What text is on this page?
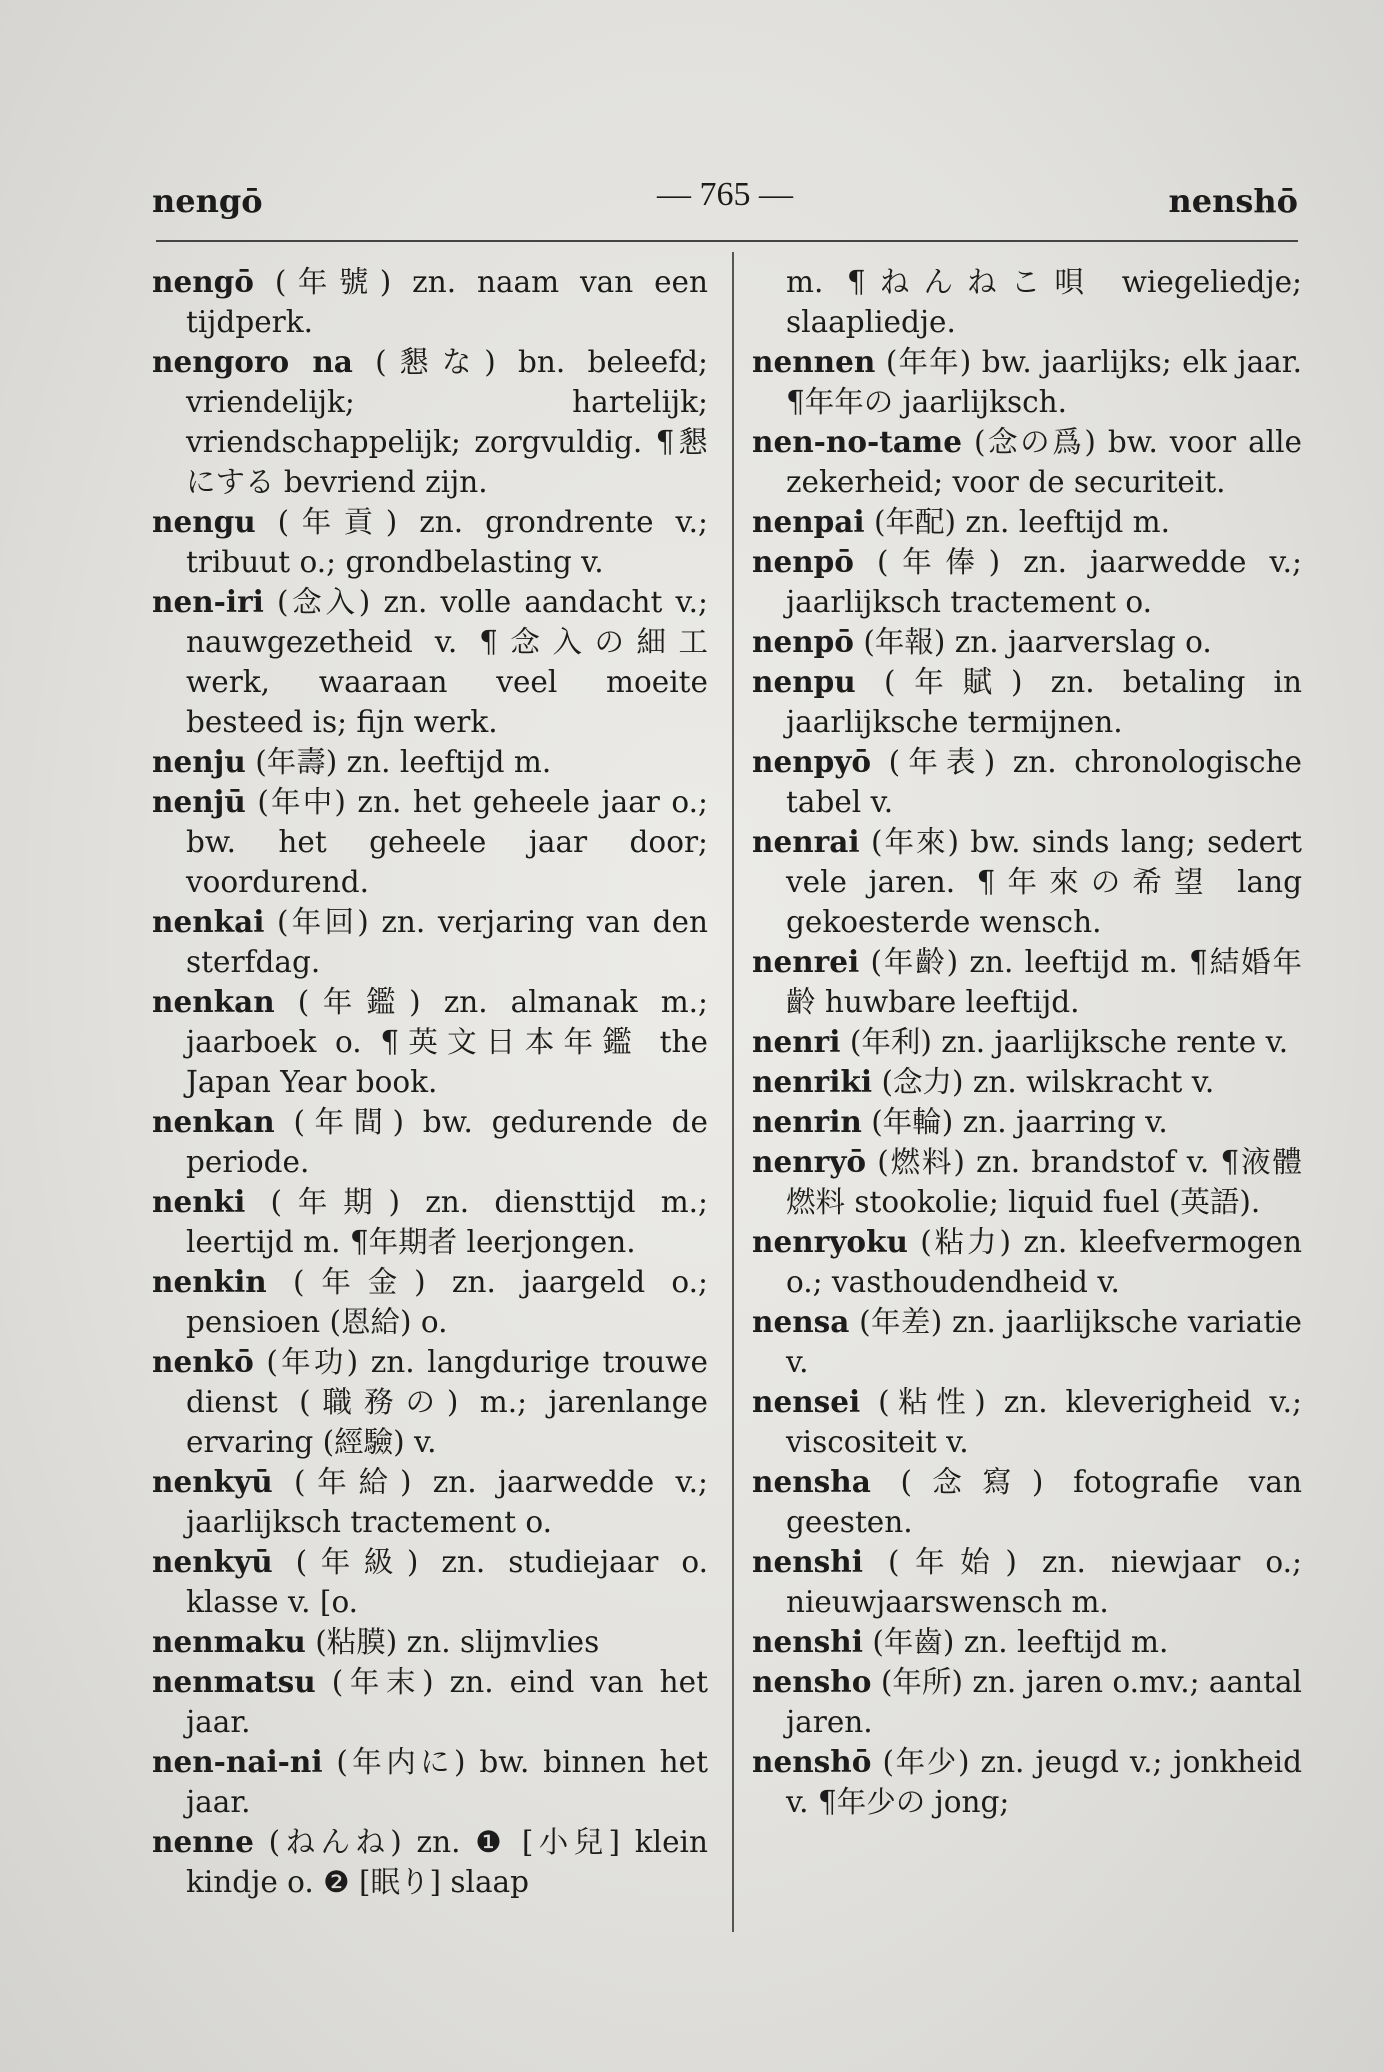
nengō	— 765 —	nenshō

nengō (年號) zn. naam van een tijdperk.

nengoro na (懇な) bn. beleefd; vriendelijk; hartelijk; vriendschappelijk; zorgvuldig. ¶懇にする bevriend zijn.

nengu (年貢) zn. grondrente v.; tribuut o.; grondbelasting v.

nen-iri (念入) zn. volle aandacht v.; nauwgezetheid v. ¶念入の細工 werk, waaraan veel moeite besteed is; fijn werk.

nenju (年壽) zn. leeftijd m.

nenjū (年中) zn. het geheele jaar o.; bw. het geheele jaar door; voordurend.

nenkai (年回) zn. verjaring van den sterfdag.

nenkan (年鑑) zn. almanak m.; jaarboek o. ¶英文日本年鑑 the Japan Year book.

nenkan (年間) bw. gedurende de periode.

nenki (年期) zn. diensttijd m.; leertijd m. ¶年期者 leerjongen.

nenkin (年金) zn. jaargeld o.; pensioen (恩給) o.

nenkō (年功) zn. langdurige trouwe dienst (職務の) m.; jarenlange ervaring (經驗) v.

nenkyū (年給) zn. jaarwedde v.; jaarlijksch tractement o.

nenkyū (年級) zn. studiejaar o. klasse v. [o.

nenmaku (粘膜) zn. slijmvlies

nenmatsu (年末) zn. eind van het jaar.

nen-nai-ni (年内に) bw. binnen het jaar.

nenne (ねんね) zn. ❶ [小兒] klein kindje o. ❷ [眠り] slaap

m. ¶ねんねこ唄 wiegeliedje; slaapliedje.

nennen (年年) bw. jaarlijks; elk jaar. ¶年年の jaarlijksch.

nen-no-tame (念の爲) bw. voor alle zekerheid; voor de securiteit.

nenpai (年配) zn. leeftijd m.

nenpō (年俸) zn. jaarwedde v.; jaarlijksch tractement o.

nenpō (年報) zn. jaarverslag o.

nenpu (年賦) zn. betaling in jaarlijksche termijnen.

nenpyō (年表) zn. chronologische tabel v.

nenrai (年來) bw. sinds lang; sedert vele jaren. ¶年來の希望 lang gekoesterde wensch.

nenrei (年齡) zn. leeftijd m. ¶結婚年齡 huwbare leeftijd.

nenri (年利) zn. jaarlijksche rente v.

nenriki (念力) zn. wilskracht v.

nenrin (年輪) zn. jaarring v.

nenryō (燃料) zn. brandstof v. ¶液體燃料 stookolie; liquid fuel (英語).

nenryoku (粘力) zn. kleefvermogen o.; vasthoudendheid v.

nensa (年差) zn. jaarlijksche variatie v.

nensei (粘性) zn. kleverigheid v.; viscositeit v.

nensha (念寫) fotografie van geesten.

nenshi (年始) zn. niewjaar o.; nieuwjaarswensch m.

nenshi (年齒) zn. leeftijd m.

nensho (年所) zn. jaren o.mv.; aantal jaren.

nenshō (年少) zn. jeugd v.; jonkheid v. ¶年少の jong;
